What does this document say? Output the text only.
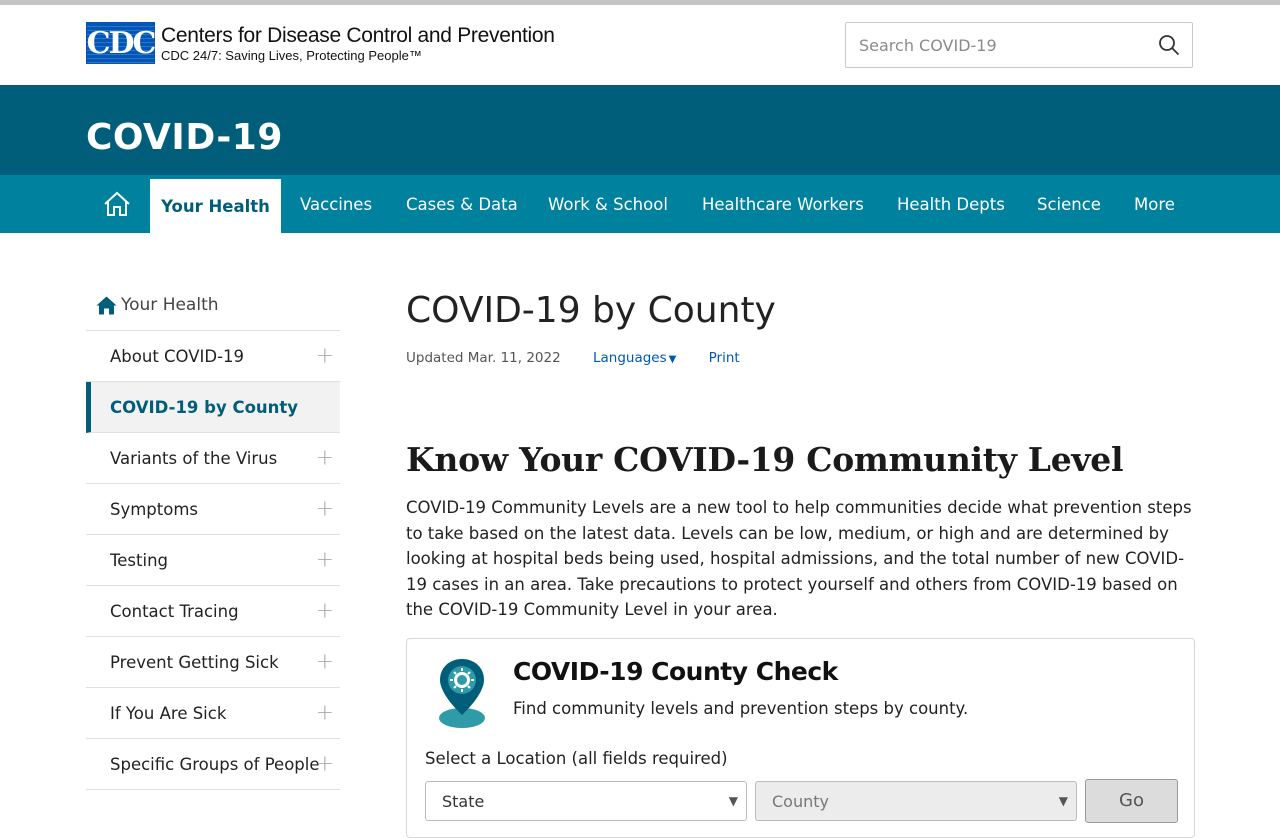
CDC Centers for Disease Control and Prevention
CDC 24/7: Saving Lives, Protecting People™
Search COVID-19
COVID-19
Your Health	Vaccines	Cases & Data	Work & School	Healthcare Workers	Health Depts	Science	More
Your Health
About COVID-19	+
COVID-19 by County
Variants of the Virus +
Symptoms	+
Testing	+
Contact Tracing	+
Prevent Getting Sick +
If You Are Sick	+
Specific Groups of People
+
COVID-19 by County
Updated Mar. 11, 2022 Languages ▼ Print
Know Your COVID-19 Community Level

COVID-19 Community Levels are a new tool to help communities decide what prevention steps to take based on the latest data. Levels can be low, medium, or high and are determined by looking at hospital beds being used, hospital admissions, and the total number of new COVID-19 cases in an area. Take precautions to protect yourself and others from COVID-19 based on the COVID-19 Community Level in your area.

COVID-19 County Check
Find community levels and prevention steps by county.
Select a Location (all fields required)
State	▼	County	▼	Go
